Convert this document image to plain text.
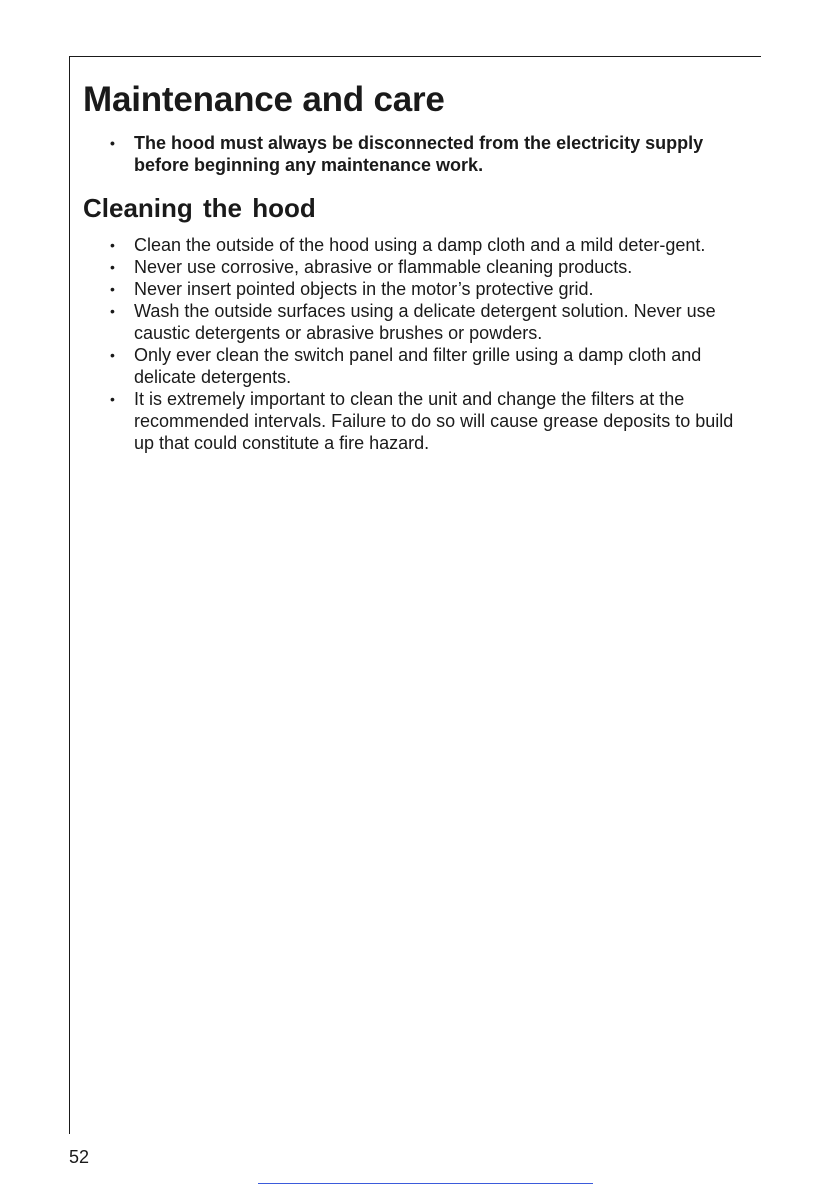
Maintenance and care
•	The hood must always be disconnected from the electricity supply before beginning any maintenance work.
Cleaning the hood
•	Clean the outside of the hood using a damp cloth and a mild deter-gent.
•	Never use corrosive, abrasive or flammable cleaning products.
•	Never insert pointed objects in the motor’s protective grid.
•	Wash the outside surfaces using a delicate detergent solution. Never use caustic detergents or abrasive brushes or powders.
•	Only ever clean the switch panel and filter grille using a damp cloth and delicate detergents.
•	It is extremely important to clean the unit and change the filters at the recommended intervals. Failure to do so will cause grease deposits to build up that could constitute a fire hazard.
52
